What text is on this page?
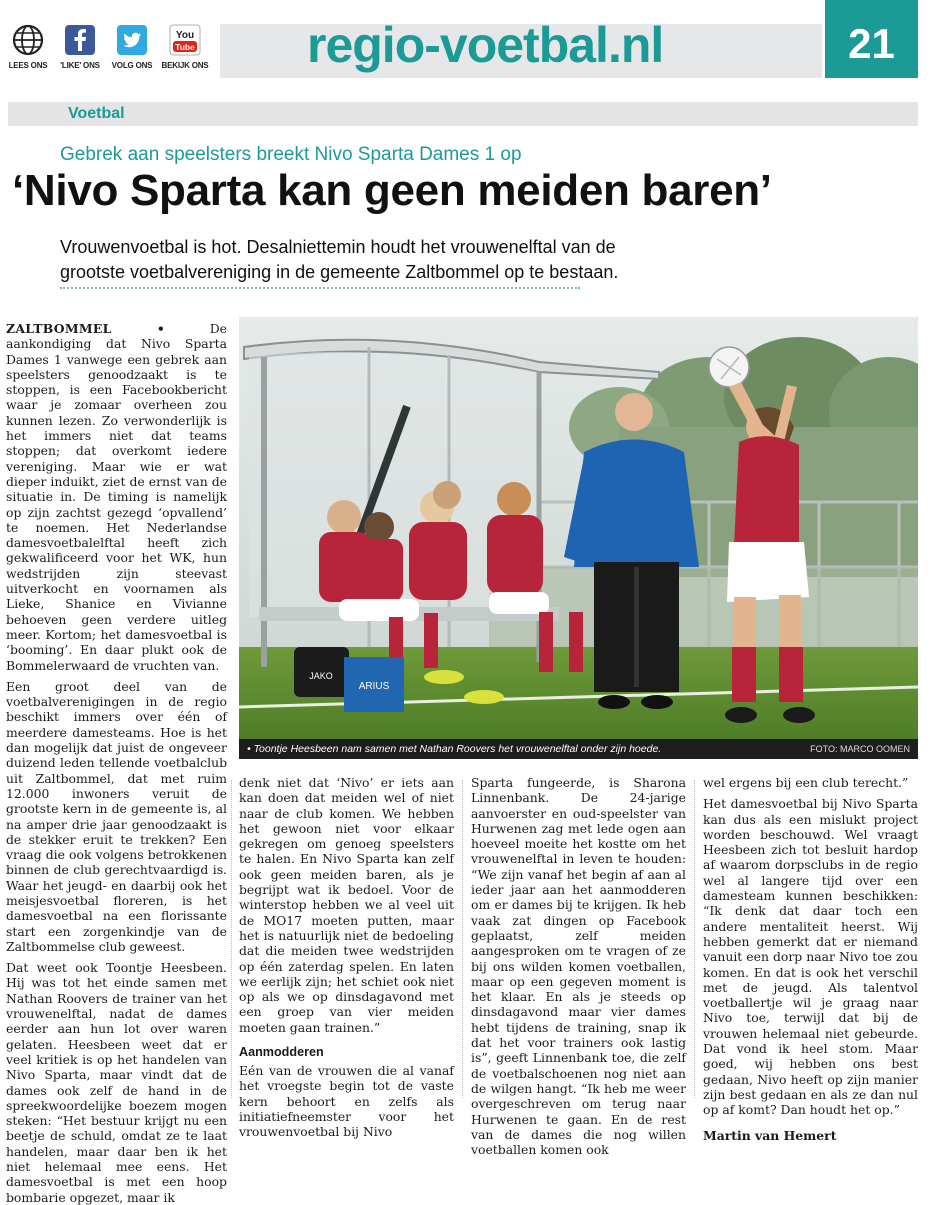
LEES ONS	'LIKE' ONS	VOLG ONS
You
Tube
BEKIJK ONS regio-voetbal.nl	21
Voetbal
Gebrek aan speelsters breekt Nivo Sparta Dames 1 op
‘Nivo Sparta kan geen meiden baren’
Vrouwenvoetbal is hot. Desalniettemin houdt het vrouwenelftal van de grootste voetbalvereniging in de gemeente Zaltbommel op te bestaan.

ZALTBOMMEL •	De aankondiging dat Nivo Sparta Dames 1 vanwege een gebrek aan speelsters genoodzaakt is te stoppen, is een Facebookbericht waar je zomaar overheen zou kunnen lezen. Zo verwonderlijk is het immers niet dat teams stoppen; dat overkomt iedere vereniging. Maar wie er wat dieper induikt, ziet de ernst van de situatie in. De timing is namelijk op zijn zachtst gezegd ‘opvallend’ te noemen. Het Nederlandse damesvoetbalelftal heeft zich gekwalificeerd voor het WK, hun wedstrijden zijn steevast uitverkocht en voornamen als Lieke, Shanice en Vivianne behoeven geen verdere uitleg meer. Kortom; het damesvoetbal is ‘booming’. En daar plukt ook de Bommelerwaard de vruchten van.

Een groot deel van de voetbalverenigingen in de regio beschikt immers over één of meerdere damesteams. Hoe is het dan mogelijk dat juist de ongeveer duizend leden tellende voetbalclub uit Zaltbommel, dat met ruim 12.000 inwoners veruit de grootste kern in de gemeente is, al na amper drie jaar genoodzaakt is de stekker eruit te trekken? Een vraag die ook volgens betrokkenen binnen de club gerechtvaardigd is. Waar het jeugd- en daarbij ook het meisjesvoetbal floreren, is het damesvoetbal na een florissante start een zorgenkindje van de Zaltbommelse club geweest.

Dat weet ook Toontje Heesbeen. Hij was tot het einde samen met Nathan Roovers de trainer van het vrouwenelftal, nadat de dames eerder aan hun lot over waren gelaten. Heesbeen weet dat er veel kritiek is op het handelen van Nivo Sparta, maar vindt dat de dames ook zelf de hand in de spreekwoordelijke boezem mogen steken: “Het bestuur krijgt nu een beetje de schuld, omdat ze te laat handelen, maar daar ben ik het niet helemaal mee eens. Het damesvoetbal is met een hoop bombarie opgezet, maar ik

JAKO
ARIUS
• Toontje Heesbeen nam samen met Nathan Roovers het vrouwenelftal onder zijn hoede.	FOTO: MARCO OOMEN

denk niet dat ‘Nivo’ er iets aan kan doen dat meiden wel of niet naar de club komen. We hebben het gewoon niet voor elkaar gekregen om genoeg speelsters te halen. En Nivo Sparta kan zelf ook geen meiden baren, als je begrijpt wat ik bedoel. Voor de winterstop hebben we al veel uit de MO17 moeten putten, maar het is natuurlijk niet de bedoeling dat die meiden twee wedstrijden op één zaterdag spelen. En laten we eerlijk zijn; het schiet ook niet op als we op dinsdagavond met een groep van vier meiden moeten gaan trainen.”

Aanmodderen

Eén van de vrouwen die al vanaf het vroegste begin tot de vaste kern behoort en zelfs als initiatiefneemster voor het vrouwenvoetbal bij Nivo

Sparta fungeerde, is Sharona Linnenbank. De 24-jarige aanvoerster en oud-speelster van Hurwenen zag met lede ogen aan hoeveel moeite het kostte om het vrouwenelftal in leven te houden: “We zijn vanaf het begin af aan al ieder jaar aan het aanmodderen om er dames bij te krijgen. Ik heb vaak zat dingen op Facebook geplaatst, zelf meiden aangesproken om te vragen of ze bij ons wilden komen voetballen, maar op een gegeven moment is het klaar. En als je steeds op dinsdagavond maar vier dames hebt tijdens de training, snap ik dat het voor trainers ook lastig is”, geeft Linnenbank toe, die zelf de voetbalschoenen nog niet aan de wilgen hangt. “Ik heb me weer overgeschreven om terug naar Hurwenen te gaan. En de rest van de dames die nog willen voetballen komen ook

wel ergens bij een club terecht.”

Het damesvoetbal bij Nivo Sparta kan dus als een mislukt project worden beschouwd. Wel vraagt Heesbeen zich tot besluit hardop af waarom dorpsclubs in de regio wel al langere tijd over een damesteam kunnen beschikken: “Ik denk dat daar toch een andere mentaliteit heerst. Wij hebben gemerkt dat er niemand vanuit een dorp naar Nivo toe zou komen. En dat is ook het verschil met de jeugd. Als talentvol voetballertje wil je graag naar Nivo toe, terwijl dat bij de vrouwen helemaal niet gebeurde. Dat vond ik heel stom. Maar goed, wij hebben ons best gedaan, Nivo heeft op zijn manier zijn best gedaan en als ze dan nul op af komt? Dan houdt het op.”

Martin van Hemert
